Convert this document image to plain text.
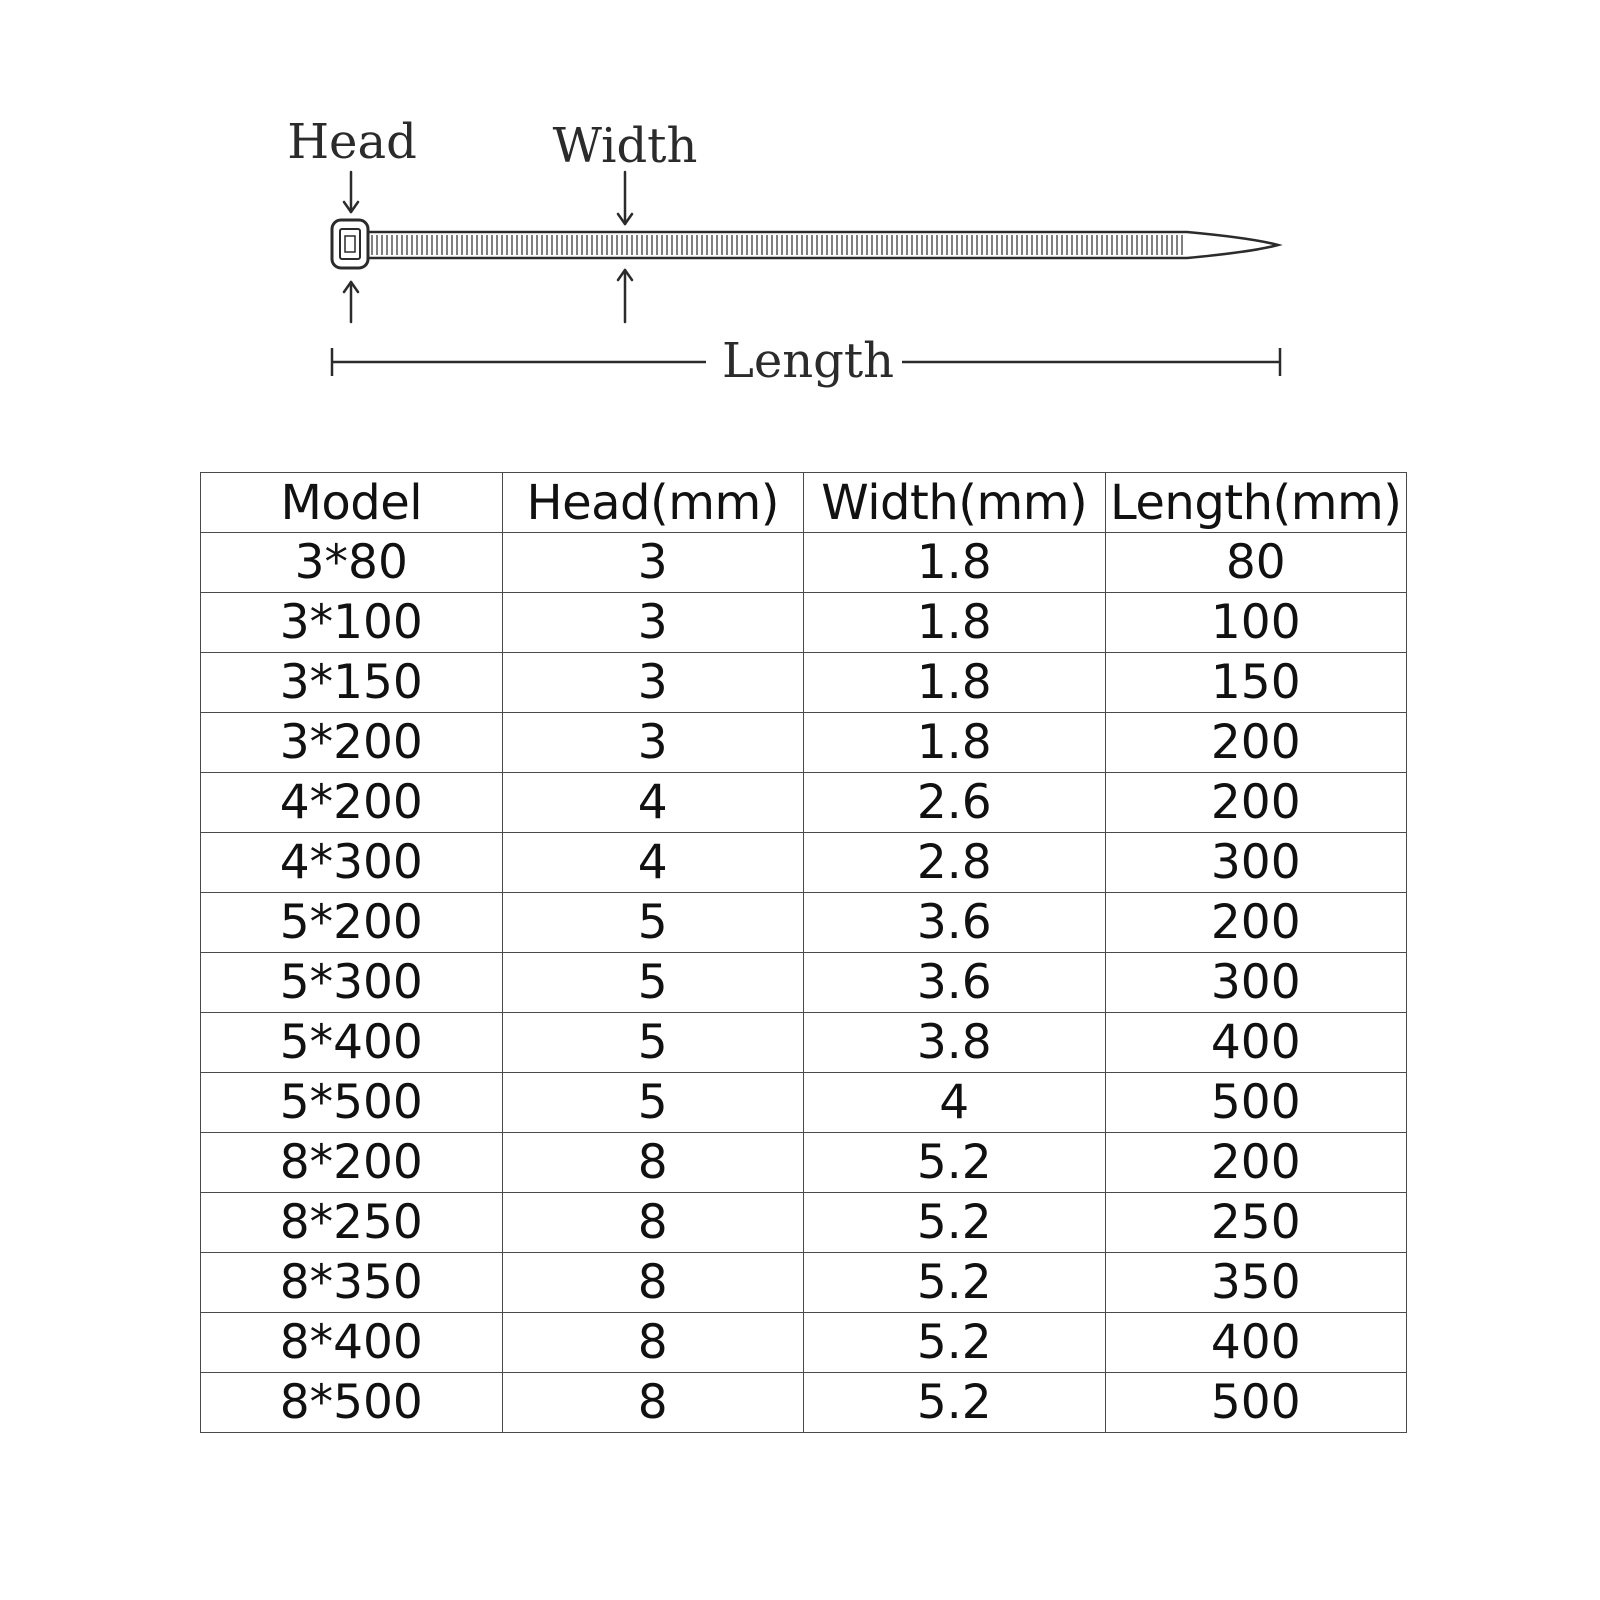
Head	Width
Length
Model	Head(mm)	Width(mm)	Length(mm)
3*80	3	1.8	80
3*100	3	1.8	100
3*150	3	1.8	150
3*200	3	1.8	200
4*200	4	2.6	200
4*300	4	2.8	300
5*200	5	3.6	200
5*300	5	3.6	300
5*400	5	3.8	400
5*500	5	4	500
8*200	8	5.2	200
8*250	8	5.2	250
8*350	8	5.2	350
8*400	8	5.2	400
8*500	8	5.2	500
